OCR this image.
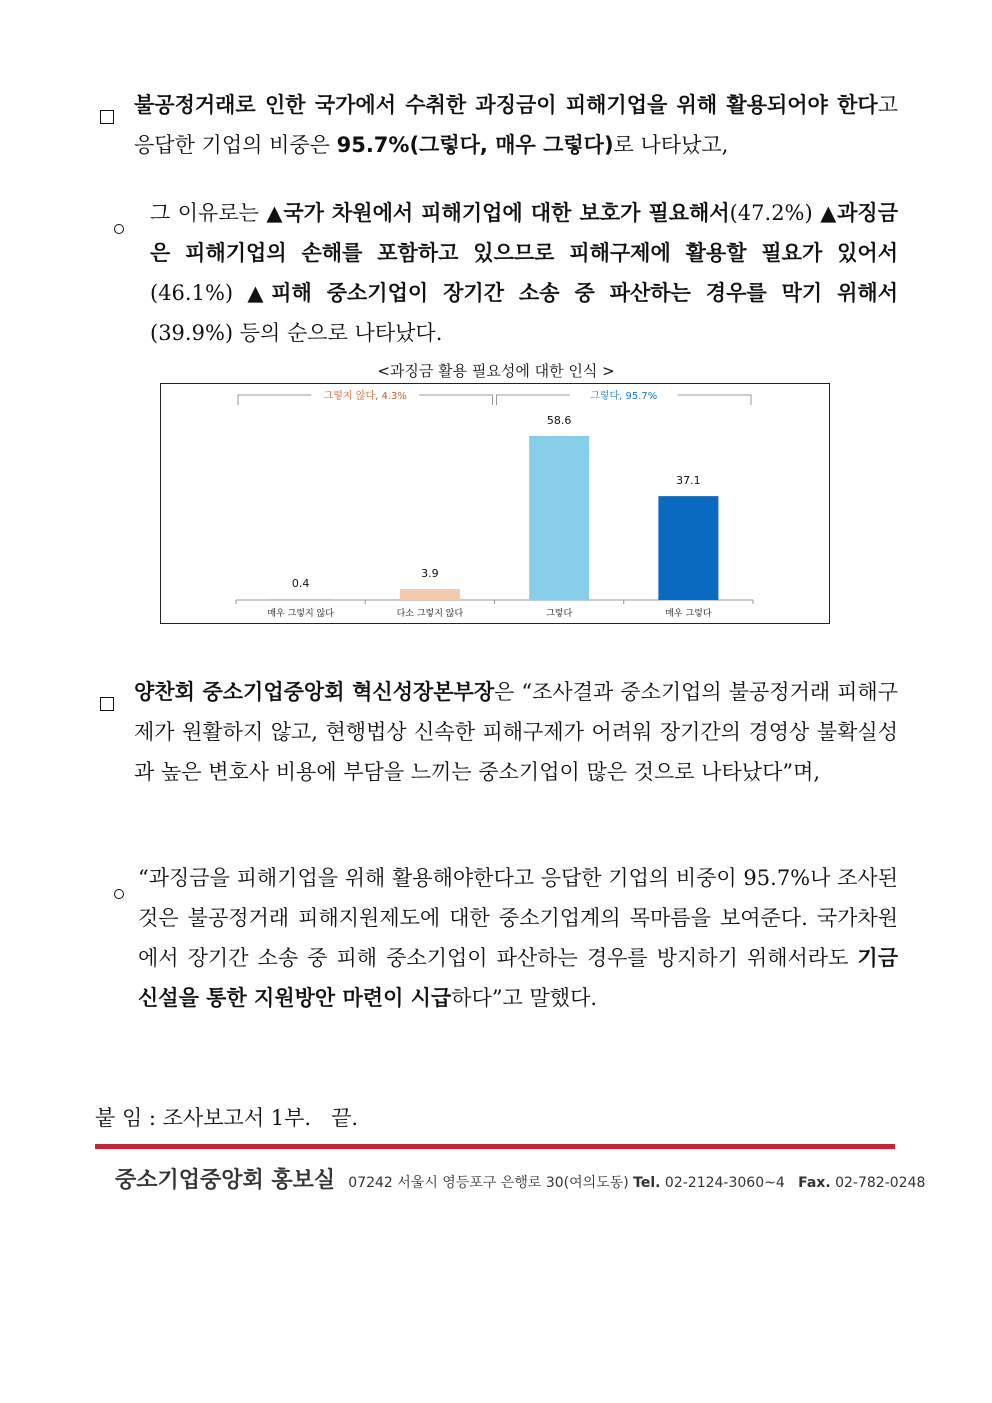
불공정거래로 인한 국가에서 수취한 과징금이 피해기업을 위해 활용되어야 한다고 응답한 기업의 비중은 95.7%(그렇다, 매우 그렇다)로 나타났고,
그 이유로는 ▲국가 차원에서 피해기업에 대한 보호가 필요해서(47.2%) ▲과징금은 피해기업의 손해를 포함하고 있으므로 피해구제에 활용할 필요가 있어서(46.1%) ▲피해 중소기업이 장기간 소송 중 파산하는 경우를 막기 위해서(39.9%) 등의 순으로 나타났다.
<과징금 활용 필요성에 대한 인식 >
0.4
매우 그렇지 않다
3.9
다소 그렇지 않다
58.6
그렇다
37.1
매우 그렇다
그렇지 않다, 4.3%	그렇다, 95.7%
양찬회 중소기업중앙회 혁신성장본부장은 “조사결과 중소기업의 불공정거래 피해구제가 원활하지 않고, 현행법상 신속한 피해구제가 어려워 장기간의 경영상 불확실성과 높은 변호사 비용에 부담을 느끼는 중소기업이 많은 것으로 나타났다”며,
“과징금을 피해기업을 위해 활용해야한다고 응답한 기업의 비중이 95.7%나 조사된 것은 불공정거래 피해지원제도에 대한 중소기업계의 목마름을 보여준다. 국가차원에서 장기간 소송 중 피해 중소기업이 파산하는 경우를 방지하기 위해서라도 기금 신설을 통한 지원방안 마련이 시급하다”고 말했다.
붙 임 : 조사보고서 1부.   끝.
중소기업중앙회 홍보실 07242 서울시 영등포구 은행로 30(여의도동) Tel. 02-2124-3060~4 Fax. 02-782-0248
